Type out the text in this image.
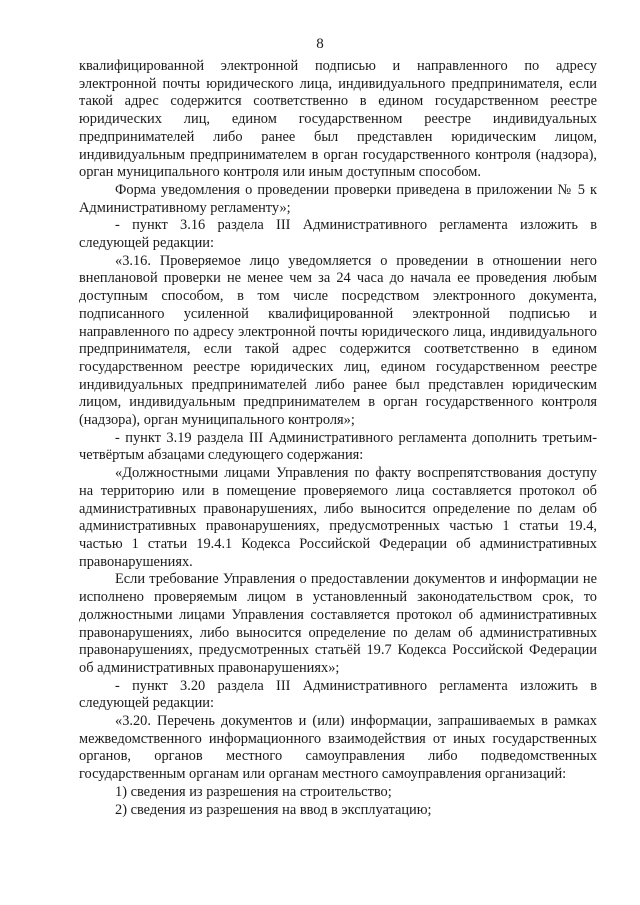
8

квалифицированной электронной подписью и направленного по адресу электронной почты юридического лица, индивидуального предпринимателя, если такой адрес содержится соответственно в едином государственном реестре юридических лиц, едином государственном реестре индивидуальных предпринимателей либо ранее был представлен юридическим лицом, индивидуальным предпринимателем в орган государственного контроля (надзора), орган муниципального контроля или иным доступным способом.

Форма уведомления о проведении проверки приведена в приложении № 5 к Административному регламенту»;

- пункт 3.16 раздела III Административного регламента изложить в следующей редакции:

«3.16. Проверяемое лицо уведомляется о проведении в отношении него внеплановой проверки не менее чем за 24 часа до начала ее проведения любым доступным способом, в том числе посредством электронного документа, подписанного усиленной квалифицированной электронной подписью и направленного по адресу электронной почты юридического лица, индивидуального предпринимателя, если такой адрес содержится соответственно в едином государственном реестре юридических лиц, едином государственном реестре индивидуальных предпринимателей либо ранее был представлен юридическим лицом, индивидуальным предпринимателем в орган государственного контроля (надзора), орган муниципального контроля»;

- пункт 3.19 раздела III Административного регламента дополнить третьим-четвёртым абзацами следующего содержания:

«Должностными лицами Управления по факту воспрепятствования доступу на территорию или в помещение проверяемого лица составляется протокол об административных правонарушениях, либо выносится определение по делам об административных правонарушениях, предусмотренных частью 1 статьи 19.4, частью 1 статьи 19.4.1 Кодекса Российской Федерации об административных правонарушениях.

Если требование Управления о предоставлении документов и информации не исполнено проверяемым лицом в установленный законодательством срок, то должностными лицами Управления составляется протокол об административных правонарушениях, либо выносится определение по делам об административных правонарушениях, предусмотренных статьёй 19.7 Кодекса Российской Федерации об административных правонарушениях»;

- пункт 3.20 раздела III Административного регламента изложить в следующей редакции:

«3.20. Перечень документов и (или) информации, запрашиваемых в рамках межведомственного информационного взаимодействия от иных государственных органов, органов местного самоуправления либо подведомственных государственным органам или органам местного самоуправления организаций:

1) сведения из разрешения на строительство;

2) сведения из разрешения на ввод в эксплуатацию;
